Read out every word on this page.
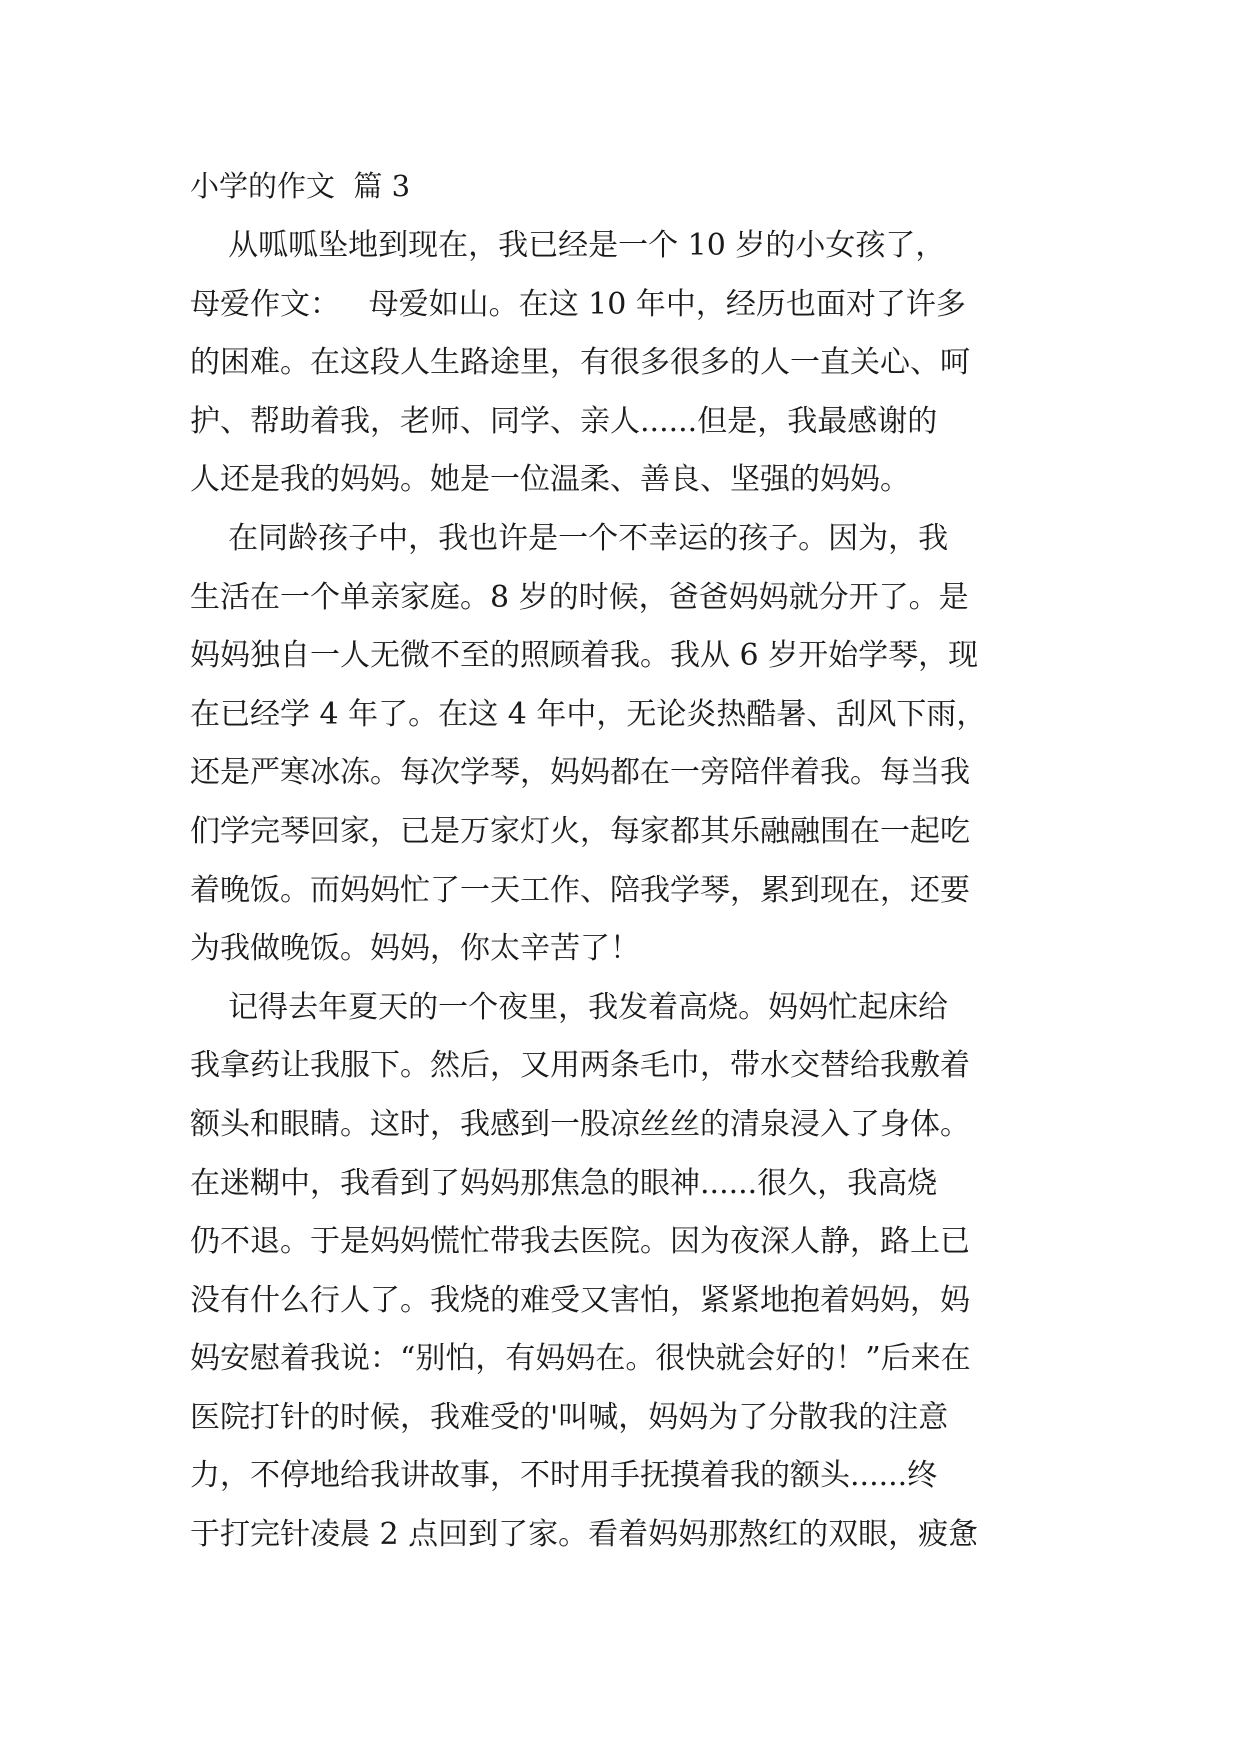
小学的作文  篇 3
从呱呱坠地到现在，我已经是一个 10 岁的小女孩了，
母爱作文：   母爱如山。在这 10 年中，经历也面对了许多
的困难。在这段人生路途里，有很多很多的人一直关心、呵
护、帮助着我，老师、同学、亲人......但是，我最感谢的
人还是我的妈妈。她是一位温柔、善良、坚强的妈妈。
在同龄孩子中，我也许是一个不幸运的孩子。因为，我
生活在一个单亲家庭。8 岁的时候，爸爸妈妈就分开了。是
妈妈独自一人无微不至的照顾着我。我从 6 岁开始学琴，现
在已经学 4 年了。在这 4 年中，无论炎热酷暑、刮风下雨，
还是严寒冰冻。每次学琴，妈妈都在一旁陪伴着我。每当我
们学完琴回家，已是万家灯火，每家都其乐融融围在一起吃
着晚饭。而妈妈忙了一天工作、陪我学琴，累到现在，还要
为我做晚饭。妈妈，你太辛苦了！
记得去年夏天的一个夜里，我发着高烧。妈妈忙起床给
我拿药让我服下。然后，又用两条毛巾，带水交替给我敷着
额头和眼睛。这时，我感到一股凉丝丝的清泉浸入了身体。
在迷糊中，我看到了妈妈那焦急的眼神......很久，我高烧
仍不退。于是妈妈慌忙带我去医院。因为夜深人静，路上已
没有什么行人了。我烧的难受又害怕，紧紧地抱着妈妈，妈
妈安慰着我说：“别怕，有妈妈在。很快就会好的！”后来在
医院打针的时候，我难受的'叫喊，妈妈为了分散我的注意
力，不停地给我讲故事，不时用手抚摸着我的额头......终
于打完针凌晨 2 点回到了家。看着妈妈那熬红的双眼，疲惫
